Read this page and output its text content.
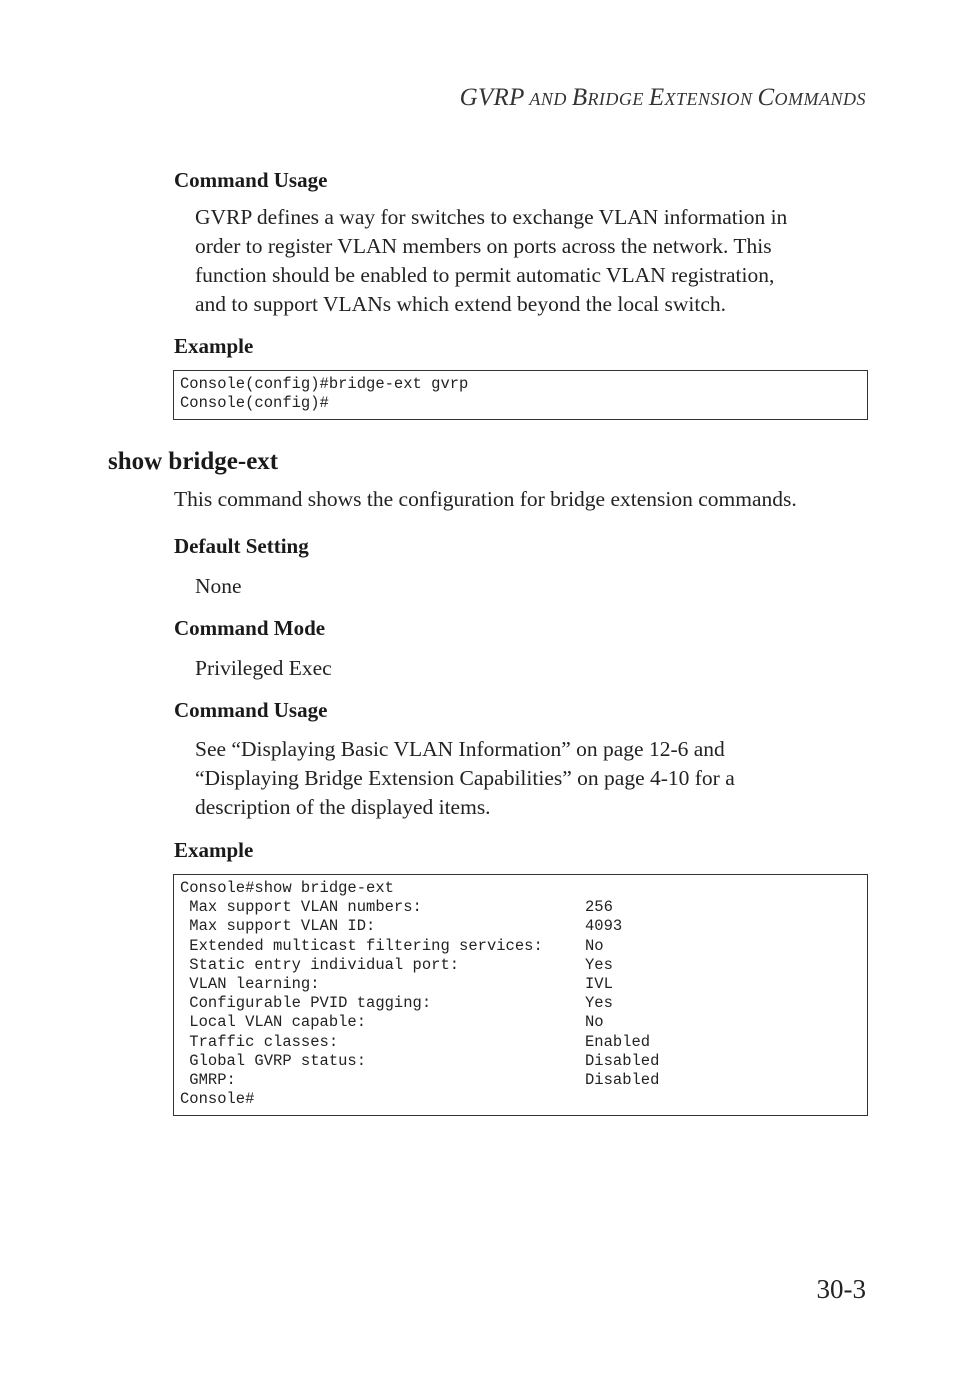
GVRP AND BRIDGE EXTENSION COMMANDS
Command Usage
GVRP defines a way for switches to exchange VLAN information in
order to register VLAN members on ports across the network. This
function should be enabled to permit automatic VLAN registration,
and to support VLANs which extend beyond the local switch.
Example
Console(config)#bridge-ext gvrp
Console(config)#
show bridge-ext
This command shows the configuration for bridge extension commands.
Default Setting
None
Command Mode
Privileged Exec
Command Usage
See “Displaying Basic VLAN Information” on page 12-6 and
“Displaying Bridge Extension Capabilities” on page 4-10 for a
description of the displayed items.
Example
Console#show bridge-ext
Max support VLAN numbers:	256
Max support VLAN ID:	4093
Extended multicast filtering services:	No
Static entry individual port:	Yes
VLAN learning:	IVL
Configurable PVID tagging:	Yes
Local VLAN capable:	No
Traffic classes:	Enabled
Global GVRP status:	Disabled
GMRP:	Disabled
Console#
30-3
